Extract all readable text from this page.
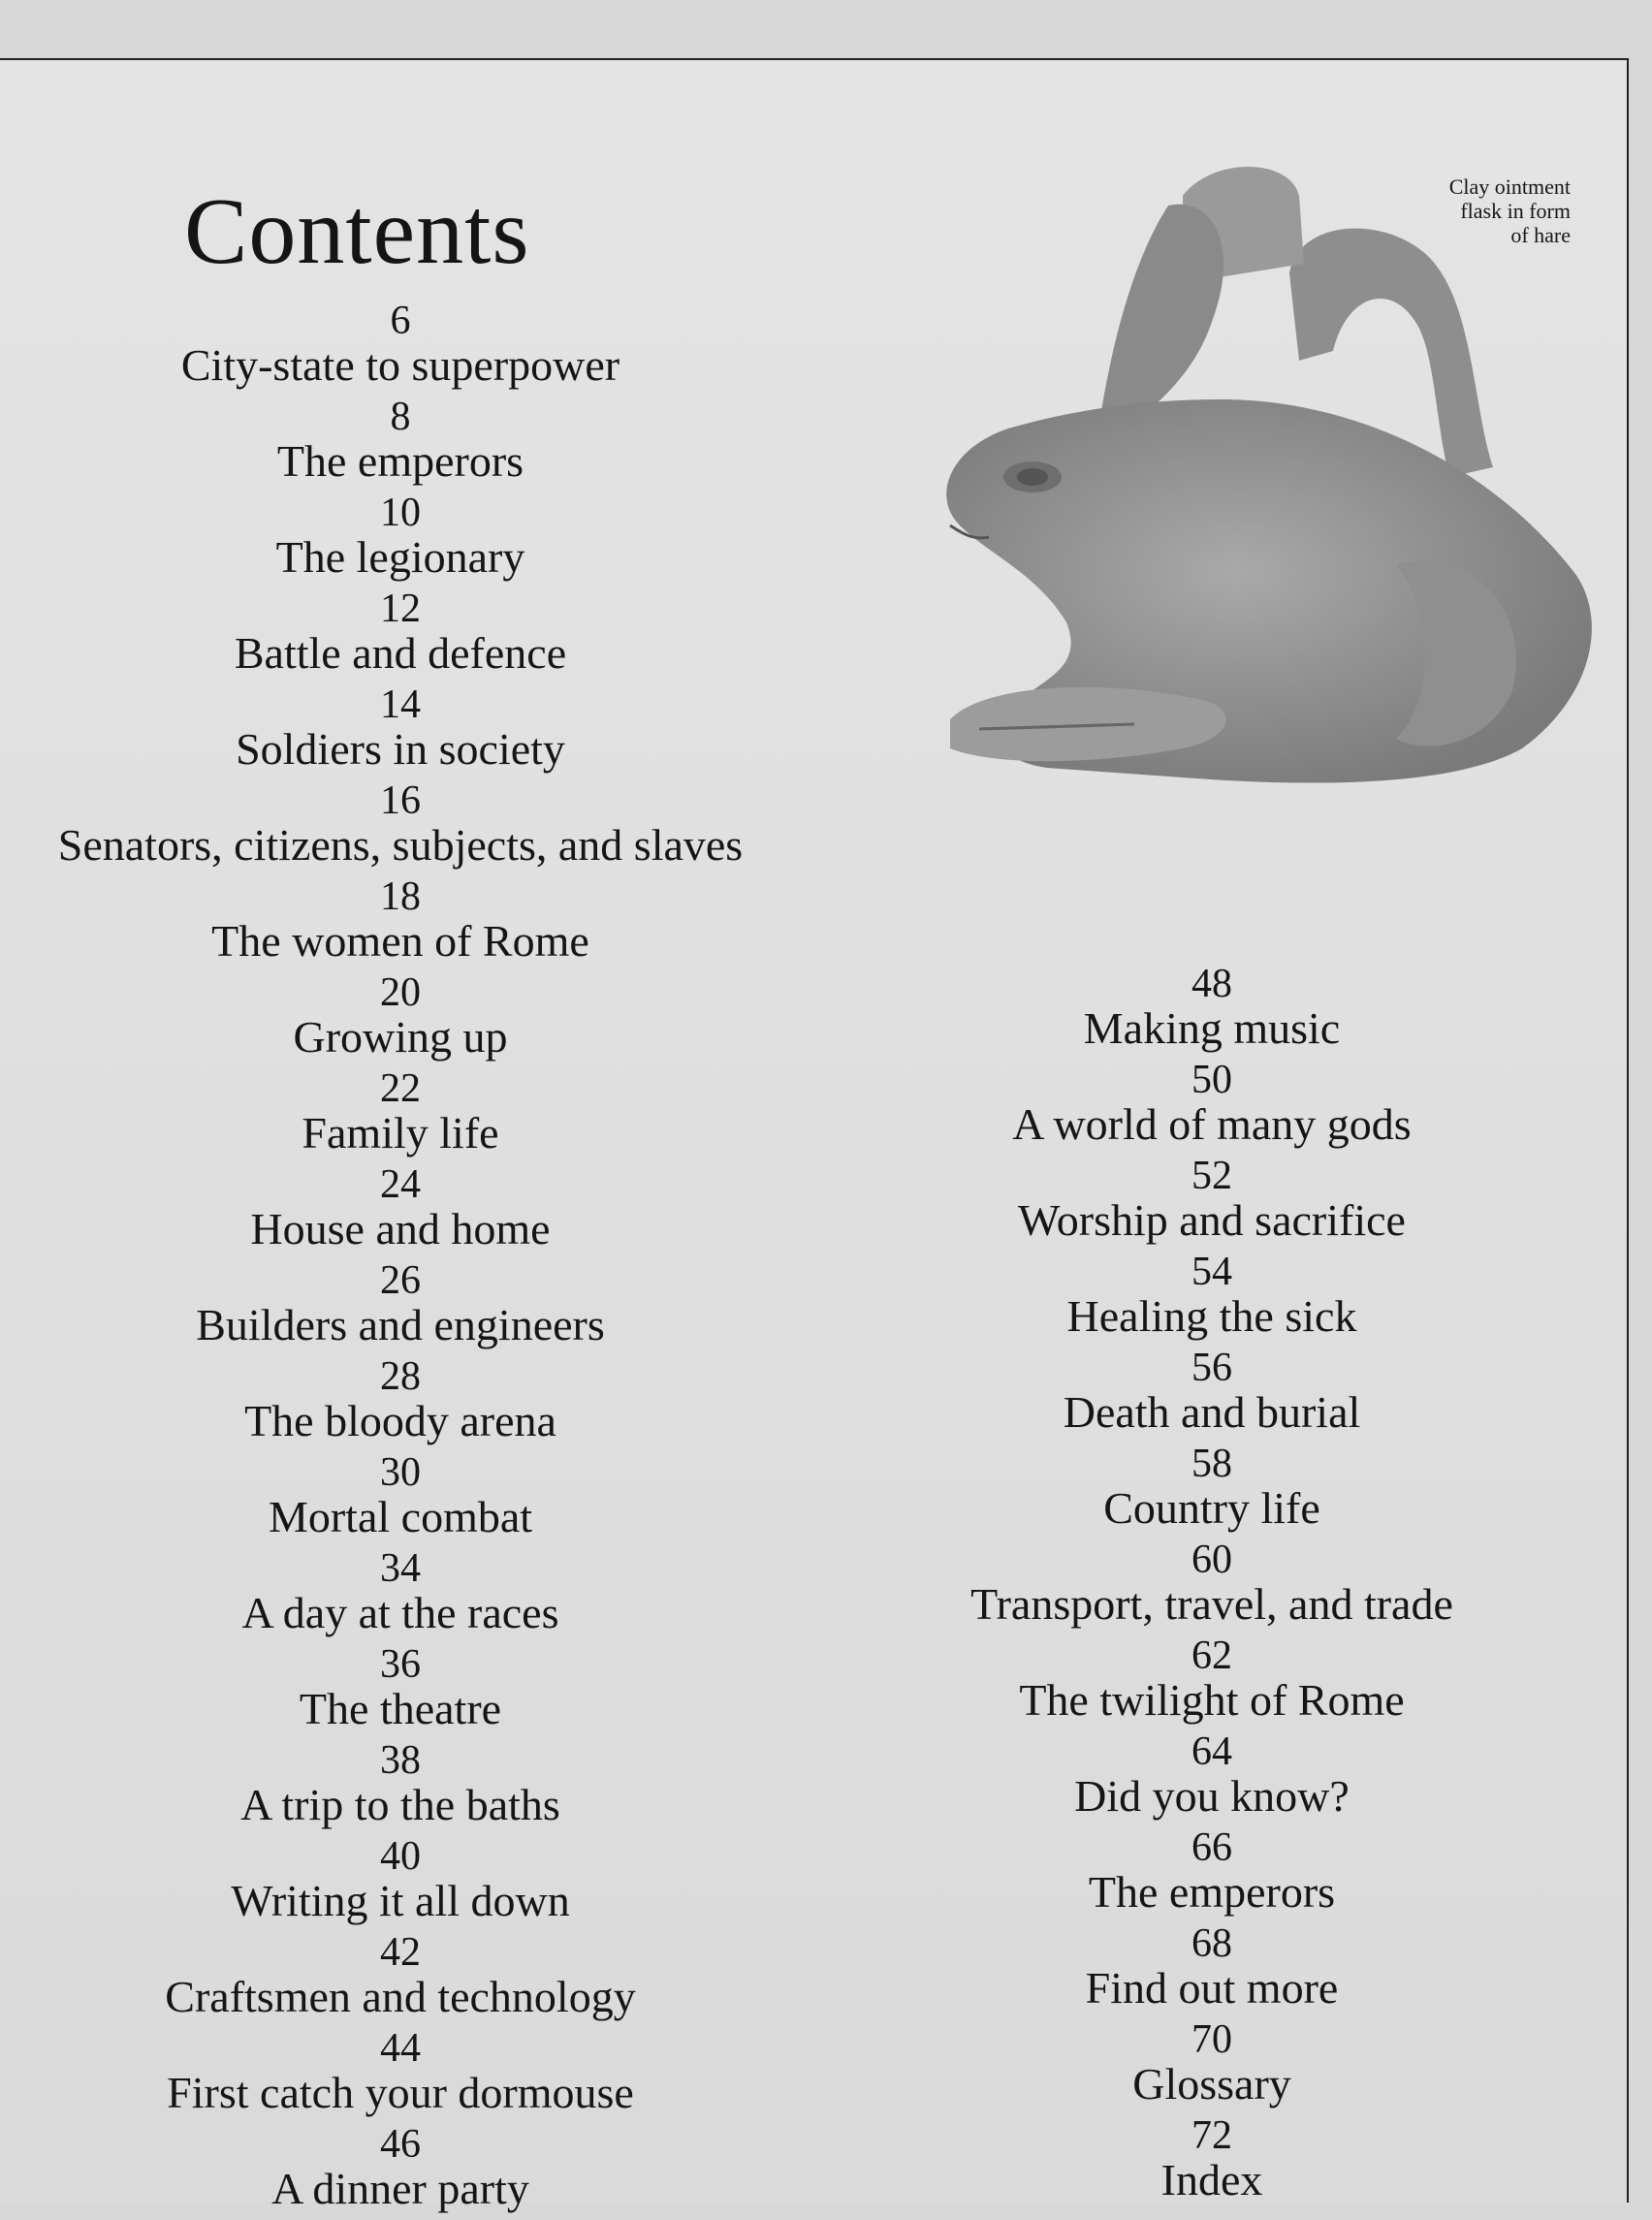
Contents	Clay ointment
flask in form
of hare
6
City-state to superpower
8
The emperors
10
The legionary
12
Battle and defence
14
Soldiers in society
16
Senators, citizens, subjects, and slaves
18
The women of Rome
20
Growing up
22
Family life
24
House and home
26
Builders and engineers
28
The bloody arena
30
Mortal combat
34
A day at the races
36
The theatre
38
A trip to the baths
40
Writing it all down
42
Craftsmen and technology
44
First catch your dormouse
46
A dinner party
48
Making music
50
A world of many gods
52
Worship and sacrifice
54
Healing the sick
56
Death and burial
58
Country life
60
Transport, travel, and trade
62
The twilight of Rome
64
Did you know?
66
The emperors
68
Find out more
70
Glossary
72
Index
